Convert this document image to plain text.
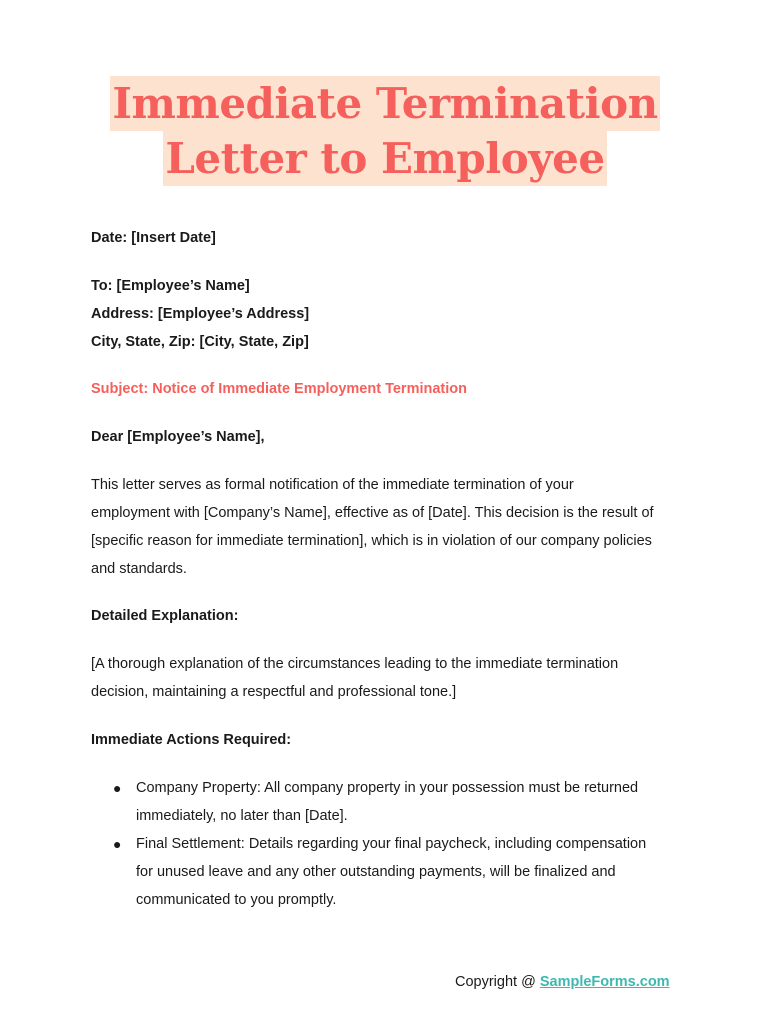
Immediate Termination
Letter to Employee
Date: [Insert Date]
To: [Employee’s Name]
Address: [Employee’s Address]
City, State, Zip: [City, State, Zip]
Subject: Notice of Immediate Employment Termination
Dear [Employee’s Name],
This letter serves as formal notification of the immediate termination of your
employment with [Company’s Name], effective as of [Date]. This decision is the result of
[specific reason for immediate termination], which is in violation of our company policies
and standards.
Detailed Explanation:
[A thorough explanation of the circumstances leading to the immediate termination
decision, maintaining a respectful and professional tone.]
Immediate Actions Required:
● Company Property: All company property in your possession must be returned
immediately, no later than [Date].
● Final Settlement: Details regarding your final paycheck, including compensation
for unused leave and any other outstanding payments, will be finalized and
communicated to you promptly.
Copyright @ SampleForms.com
